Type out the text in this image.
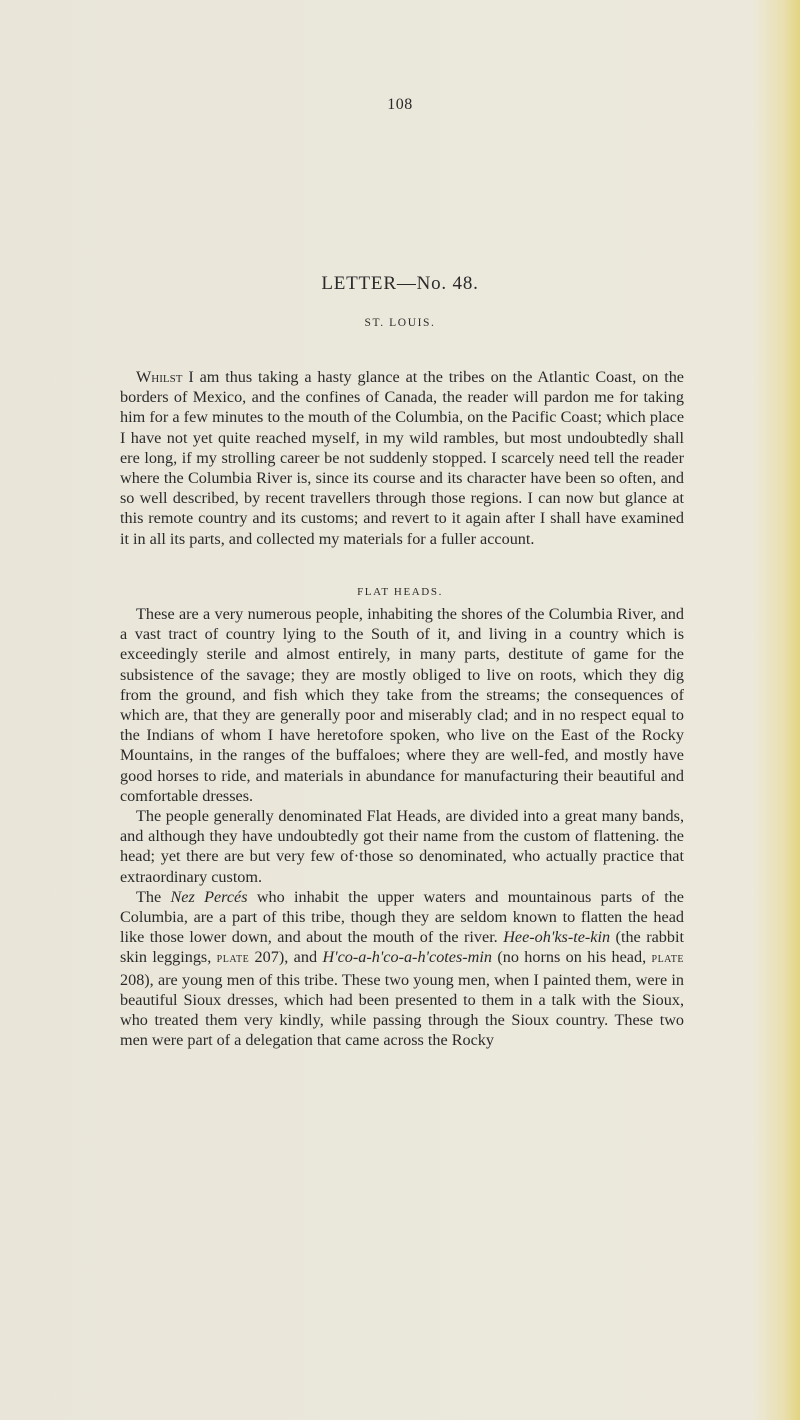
108
LETTER—No. 48.
ST. LOUIS.

Whilst I am thus taking a hasty glance at the tribes on the Atlantic Coast, on the borders of Mexico, and the confines of Canada, the reader will pardon me for taking him for a few minutes to the mouth of the Columbia, on the Pacific Coast; which place I have not yet quite reached myself, in my wild rambles, but most undoubtedly shall ere long, if my strolling career be not suddenly stopped. I scarcely need tell the reader where the Columbia River is, since its course and its character have been so often, and so well described, by recent travellers through those regions. I can now but glance at this remote country and its customs; and revert to it again after I shall have examined it in all its parts, and collected my materials for a fuller account.

FLAT HEADS.

These are a very numerous people, inhabiting the shores of the Columbia River, and a vast tract of country lying to the South of it, and living in a country which is exceedingly sterile and almost entirely, in many parts, destitute of game for the subsistence of the savage; they are mostly obliged to live on roots, which they dig from the ground, and fish which they take from the streams; the consequences of which are, that they are generally poor and miserably clad; and in no respect equal to the Indians of whom I have heretofore spoken, who live on the East of the Rocky Mountains, in the ranges of the buffaloes; where they are well-fed, and mostly have good horses to ride, and materials in abundance for manufacturing their beautiful and comfortable dresses.

The people generally denominated Flat Heads, are divided into a great many bands, and although they have undoubtedly got their name from the custom of flattening. the head; yet there are but very few of·those so denominated, who actually practice that extraordinary custom.

The Nez Percés who inhabit the upper waters and mountainous parts of the Columbia, are a part of this tribe, though they are seldom known to flatten the head like those lower down, and about the mouth of the river. Hee-oh'ks-te-kin (the rabbit skin leggings, plate 207), and H'co-a-h'co-a-h'cotes-min (no horns on his head, plate 208), are young men of this tribe. These two young men, when I painted them, were in beautiful Sioux dresses, which had been presented to them in a talk with the Sioux, who treated them very kindly, while passing through the Sioux country. These two men were part of a delegation that came across the Rocky
